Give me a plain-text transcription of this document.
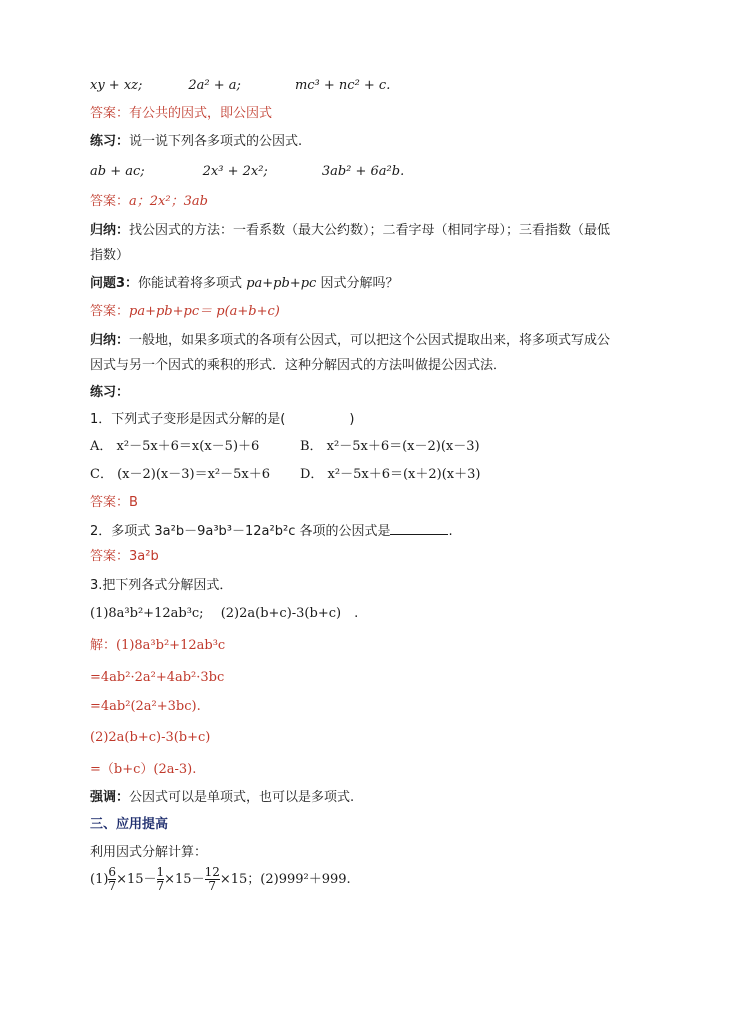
xy + xz;	2a² + a;	mc³ + nc² + c.
答案：有公共的因式，即公因式
练习：说一说下列各多项式的公因式.
ab + ac;	2x³ + 2x²;	3ab² + 6a²b.
答案：a；2x²；3ab
归纳：找公因式的方法：一看系数（最大公约数）；二看字母（相同字母）；三看指数（最低
指数）
问题3：你能试着将多项式 pa+pb+pc 因式分解吗？
答案：pa+pb+pc＝ p(a+b+c)
归纳：一般地，如果多项式的各项有公因式，可以把这个公因式提取出来，将多项式写成公
因式与另一个因式的乘积的形式．这种分解因式的方法叫做提公因式法．
练习：
1．下列式子变形是因式分解的是(	)
A． x²－5x＋6＝x(x－5)＋6	B． x²－5x＋6＝(x－2)(x－3)
C． (x－2)(x－3)＝x²－5x＋6 D． x²－5x＋6＝(x＋2)(x＋3)
答案：B
2．多项式 3a²b－9a³b³－12a²b²c 各项的公因式是	.
答案：3a²b
3.把下列各式分解因式．
(1)8a³b²+12ab³c;　 (2)2a(b+c)-3(b+c)　.
解：(1)8a³b²+12ab³c
=4ab²·2a²+4ab²·3bc
=4ab²(2a²+3bc).
(2)2a(b+c)-3(b+c)
=（b+c）(2a-3).
强调：公因式可以是单项式，也可以是多项式.
三、应用提高
利用因式分解计算：
$(1) \frac{6}{7} \times 15- \frac{1}{7} \times 15- \frac{12}{7} \times 15$；(2)999²＋999.
